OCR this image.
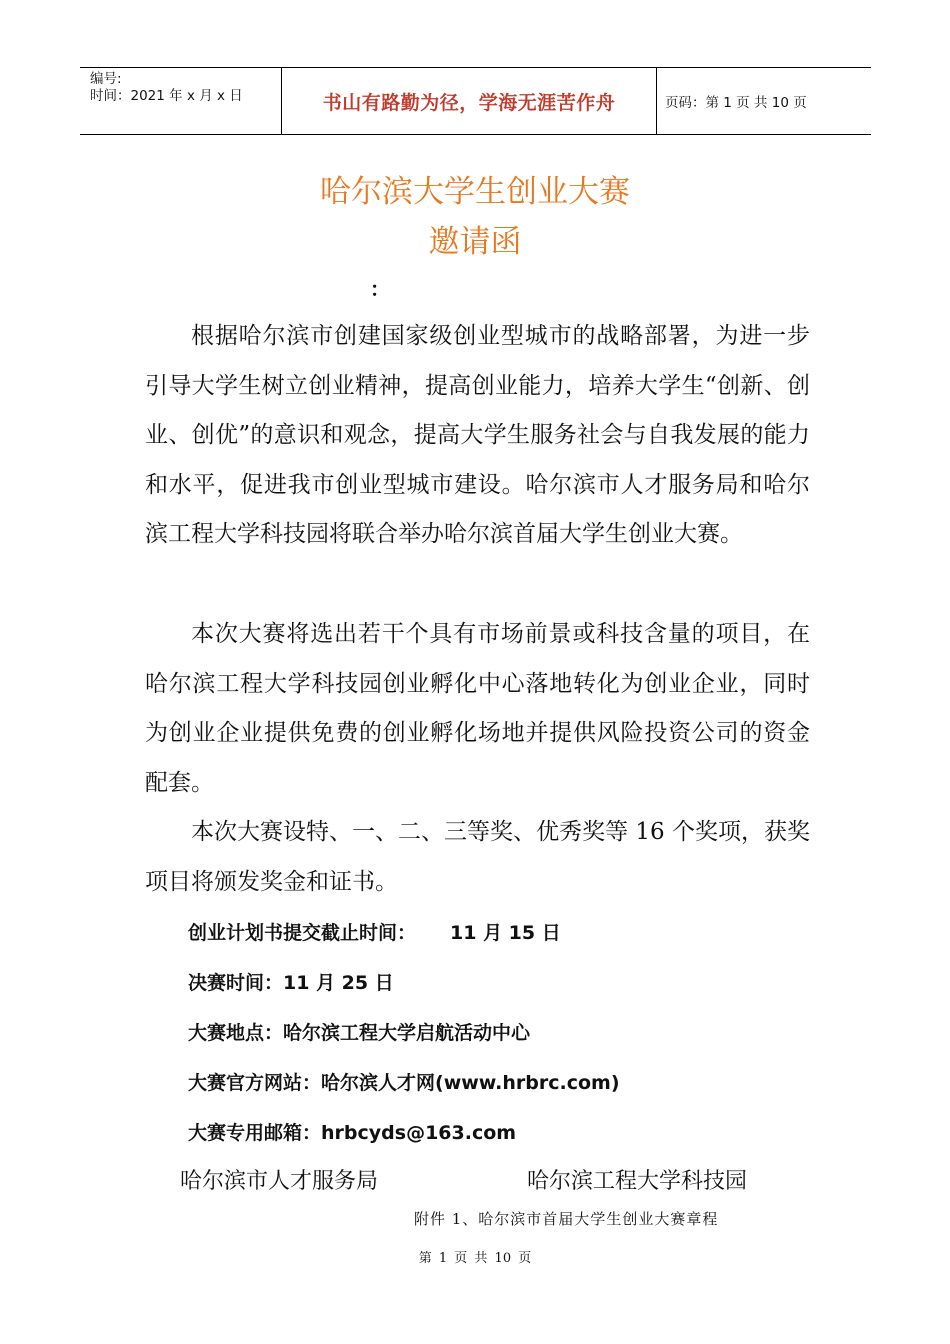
编号:
时间：2021 年 x 月 x 日	书山有路勤为径，学海无涯苦作舟	页码：第 1 页 共 10 页
哈尔滨大学生创业大赛
邀请函
：
根据哈尔滨市创建国家级创业型城市的战略部署，为进一步引导大学生树立创业精神，提高创业能力，培养大学生“创新、创业、创优”的意识和观念，提高大学生服务社会与自我发展的能力和水平，促进我市创业型城市建设。哈尔滨市人才服务局和哈尔滨工程大学科技园将联合举办哈尔滨首届大学生创业大赛。
本次大赛将选出若干个具有市场前景或科技含量的项目，在哈尔滨工程大学科技园创业孵化中心落地转化为创业企业，同时为创业企业提供免费的创业孵化场地并提供风险投资公司的资金配套。
本次大赛设特、一、二、三等奖、优秀奖等 16 个奖项，获奖项目将颁发奖金和证书。
创业计划书提交截止时间： 11 月 15 日
决赛时间：11 月 25 日
大赛地点：哈尔滨工程大学启航活动中心
大赛官方网站：哈尔滨人才网(www.hrbrc.com)
大赛专用邮箱：hrbcyds@163.com
哈尔滨市人才服务局	哈尔滨工程大学科技园
附件 1、哈尔滨市首届大学生创业大赛章程
第 1 页 共 10 页
